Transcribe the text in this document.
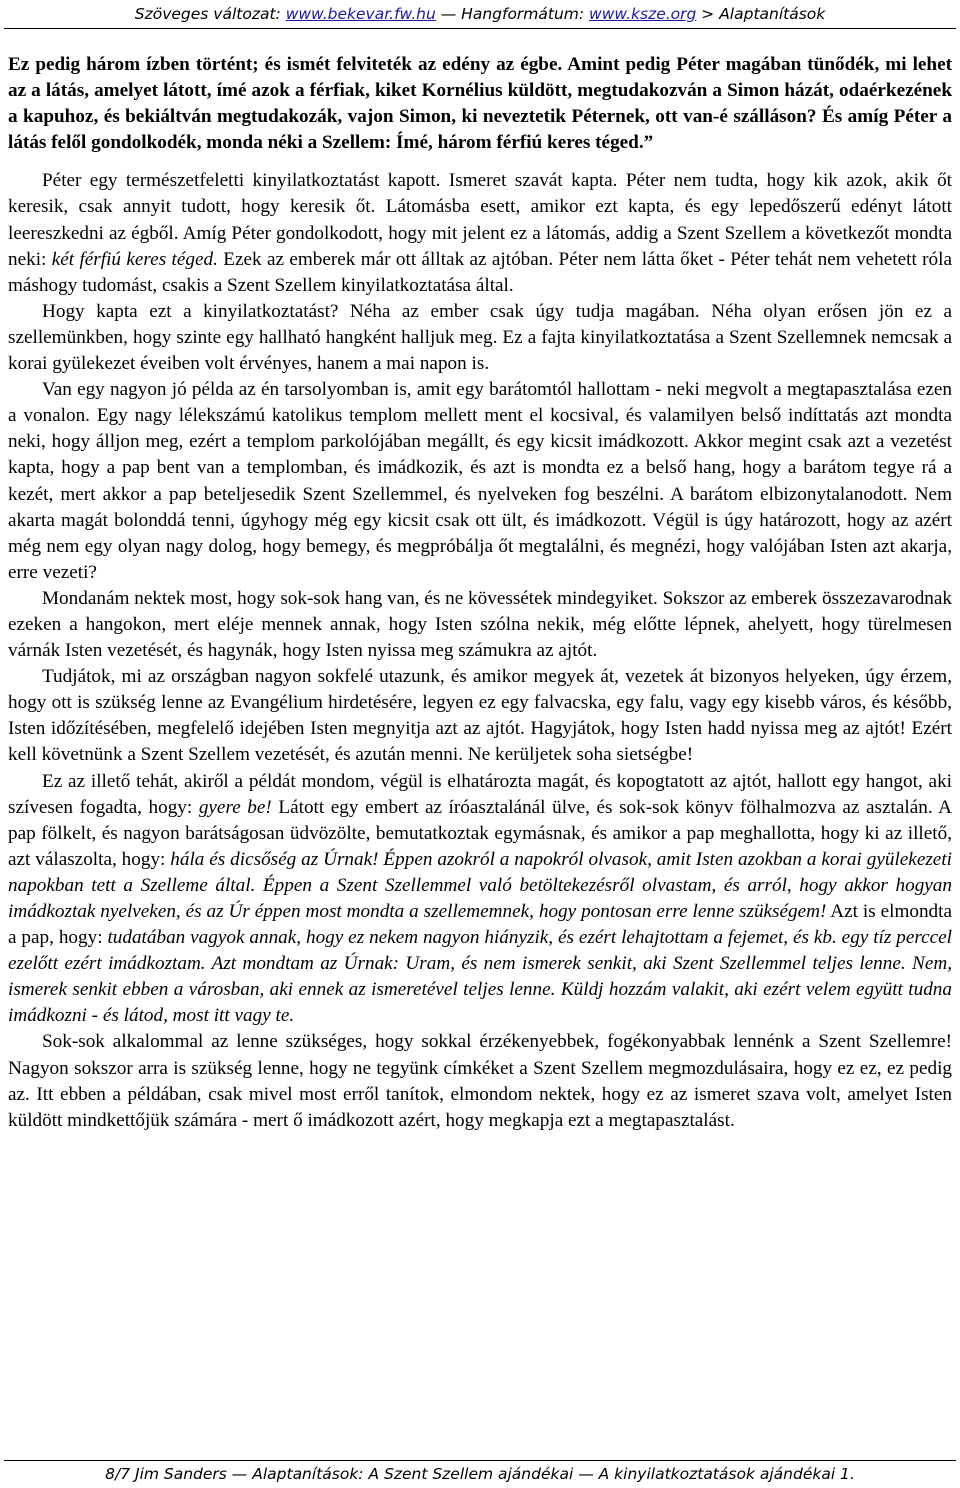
Szöveges változat: www.bekevar.fw.hu — Hangformátum: www.ksze.org > Alaptanítások

Ez pedig három ízben történt; és ismét felviteték az edény az égbe. Amint pedig Péter magában tünődék, mi lehet az a látás, amelyet látott, ímé azok a férfiak, kiket Kornélius küldött, megtudakozván a Simon házát, odaérkezének a kapuhoz, és bekiáltván megtudakozák, vajon Simon, ki neveztetik Péternek, ott van-é szálláson? És amíg Péter a látás felől gondolkodék, monda néki a Szellem: Ímé, három férfiú keres téged.”

Péter egy természetfeletti kinyilatkoztatást kapott. Ismeret szavát kapta. Péter nem tudta, hogy kik azok, akik őt keresik, csak annyit tudott, hogy keresik őt. Látomásba esett, amikor ezt kapta, és egy lepedőszerű edényt látott leereszkedni az égből. Amíg Péter gondolkodott, hogy mit jelent ez a látomás, addig a Szent Szellem a következőt mondta neki: két férfiú keres téged. Ezek az emberek már ott álltak az ajtóban. Péter nem látta őket - Péter tehát nem vehetett róla máshogy tudomást, csakis a Szent Szellem kinyilatkoztatása által.

Hogy kapta ezt a kinyilatkoztatást? Néha az ember csak úgy tudja magában. Néha olyan erősen jön ez a szellemünkben, hogy szinte egy hallható hangként halljuk meg. Ez a fajta kinyilatkoztatása a Szent Szellemnek nemcsak a korai gyülekezet éveiben volt érvényes, hanem a mai napon is.

Van egy nagyon jó példa az én tarsolyomban is, amit egy barátomtól hallottam - neki megvolt a megtapasztalása ezen a vonalon. Egy nagy lélekszámú katolikus templom mellett ment el kocsival, és valamilyen belső indíttatás azt mondta neki, hogy álljon meg, ezért a templom parkolójában megállt, és egy kicsit imádkozott. Akkor megint csak azt a vezetést kapta, hogy a pap bent van a templomban, és imádkozik, és azt is mondta ez a belső hang, hogy a barátom tegye rá a kezét, mert akkor a pap beteljesedik Szent Szellemmel, és nyelveken fog beszélni. A barátom elbizonytalanodott. Nem akarta magát bolonddá tenni, úgyhogy még egy kicsit csak ott ült, és imádkozott. Végül is úgy határozott, hogy az azért még nem egy olyan nagy dolog, hogy bemegy, és megpróbálja őt megtalálni, és megnézi, hogy valójában Isten azt akarja, erre vezeti?

Mondanám nektek most, hogy sok-sok hang van, és ne kövessétek mindegyiket. Sokszor az emberek összezavarodnak ezeken a hangokon, mert eléje mennek annak, hogy Isten szólna nekik, még előtte lépnek, ahelyett, hogy türelmesen várnák Isten vezetését, és hagynák, hogy Isten nyissa meg számukra az ajtót.

Tudjátok, mi az országban nagyon sokfelé utazunk, és amikor megyek át, vezetek át bizonyos helyeken, úgy érzem, hogy ott is szükség lenne az Evangélium hirdetésére, legyen ez egy falvacska, egy falu, vagy egy kisebb város, és később, Isten időzítésében, megfelelő idejében Isten megnyitja azt az ajtót. Hagyjátok, hogy Isten hadd nyissa meg az ajtót! Ezért kell követnünk a Szent Szellem vezetését, és azután menni. Ne kerüljetek soha sietségbe!

Ez az illető tehát, akiről a példát mondom, végül is elhatározta magát, és kopogtatott az ajtót, hallott egy hangot, aki szívesen fogadta, hogy: gyere be! Látott egy embert az íróasztalánál ülve, és sok-sok könyv fölhalmozva az asztalán. A pap fölkelt, és nagyon barátságosan üdvözölte, bemutatkoztak egymásnak, és amikor a pap meghallotta, hogy ki az illető, azt válaszolta, hogy: hála és dicsőség az Úrnak! Éppen azokról a napokról olvasok, amit Isten azokban a korai gyülekezeti napokban tett a Szelleme által. Éppen a Szent Szellemmel való betöltekezésről olvastam, és arról, hogy akkor hogyan imádkoztak nyelveken, és az Úr éppen most mondta a szellememnek, hogy pontosan erre lenne szükségem! Azt is elmondta a pap, hogy: tudatában vagyok annak, hogy ez nekem nagyon hiányzik, és ezért lehajtottam a fejemet, és kb. egy tíz perccel ezelőtt ezért imádkoztam. Azt mondtam az Úrnak: Uram, és nem ismerek senkit, aki Szent Szellemmel teljes lenne. Nem, ismerek senkit ebben a városban, aki ennek az ismeretével teljes lenne. Küldj hozzám valakit, aki ezért velem együtt tudna imádkozni - és látod, most itt vagy te.

Sok-sok alkalommal az lenne szükséges, hogy sokkal érzékenyebbek, fogékonyabbak lennénk a Szent Szellemre! Nagyon sokszor arra is szükség lenne, hogy ne tegyünk címkéket a Szent Szellem megmozdulásaira, hogy ez ez, ez pedig az. Itt ebben a példában, csak mivel most erről tanítok, elmondom nektek, hogy ez az ismeret szava volt, amelyet Isten küldött mindkettőjük számára - mert ő imádkozott azért, hogy megkapja ezt a megtapasztalást.

8/7 Jim Sanders — Alaptanítások: A Szent Szellem ajándékai — A kinyilatkoztatások ajándékai 1.
